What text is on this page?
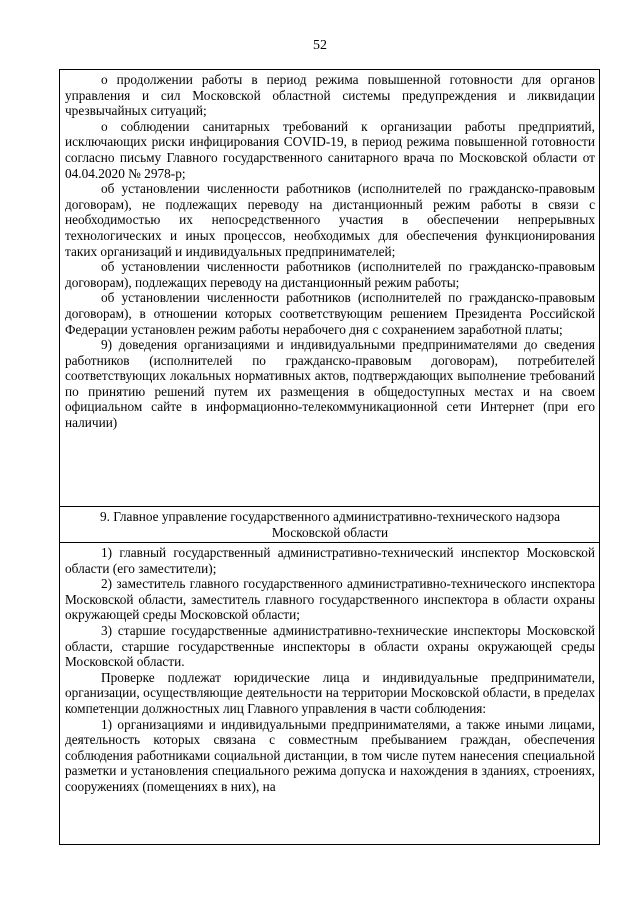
52

о продолжении работы в период режима повышенной готовности для органов управления и сил Московской областной системы предупреждения и ликвидации чрезвычайных ситуаций;

о соблюдении санитарных требований к организации работы предприятий, исключающих риски инфицирования COVID-19, в период режима повышенной готовности согласно письму Главного государственного санитарного врача по Московской области от 04.04.2020 № 2978-р;

об установлении численности работников (исполнителей по гражданско-правовым договорам), не подлежащих переводу на дистанционный режим работы в связи с необходимостью их непосредственного участия в обеспечении непрерывных технологических и иных процессов, необходимых для обеспечения функционирования таких организаций и индивидуальных предпринимателей;

об установлении численности работников (исполнителей по гражданско-правовым договорам), подлежащих переводу на дистанционный режим работы;

об установлении численности работников (исполнителей по гражданско-правовым договорам), в отношении которых соответствующим решением Президента Российской Федерации установлен режим работы нерабочего дня с сохранением заработной платы;

9) доведения организациями и индивидуальными предпринимателями до сведения работников (исполнителей по гражданско-правовым договорам), потребителей соответствующих локальных нормативных актов, подтверждающих выполнение требований по принятию решений путем их размещения в общедоступных местах и на своем официальном сайте в информационно-телекоммуникационной сети Интернет (при его наличии)

9. Главное управление государственного административно-технического надзора Московской области

1) главный государственный административно-технический инспектор Московской области (его заместители);

2) заместитель главного государственного административно-технического инспектора Московской области, заместитель главного государственного инспектора в области охраны окружающей среды Московской области;

3) старшие государственные административно-технические инспекторы Московской области, старшие государственные инспекторы в области охраны окружающей среды Московской области.

Проверке подлежат юридические лица и индивидуальные предприниматели, организации, осуществляющие деятельности на территории Московской области, в пределах компетенции должностных лиц Главного управления в части соблюдения:

1) организациями и индивидуальными предпринимателями, а также иными лицами, деятельность которых связана с совместным пребыванием граждан, обеспечения соблюдения работниками социальной дистанции, в том числе путем нанесения специальной разметки и установления специального режима допуска и нахождения в зданиях, строениях, сооружениях (помещениях в них), на
